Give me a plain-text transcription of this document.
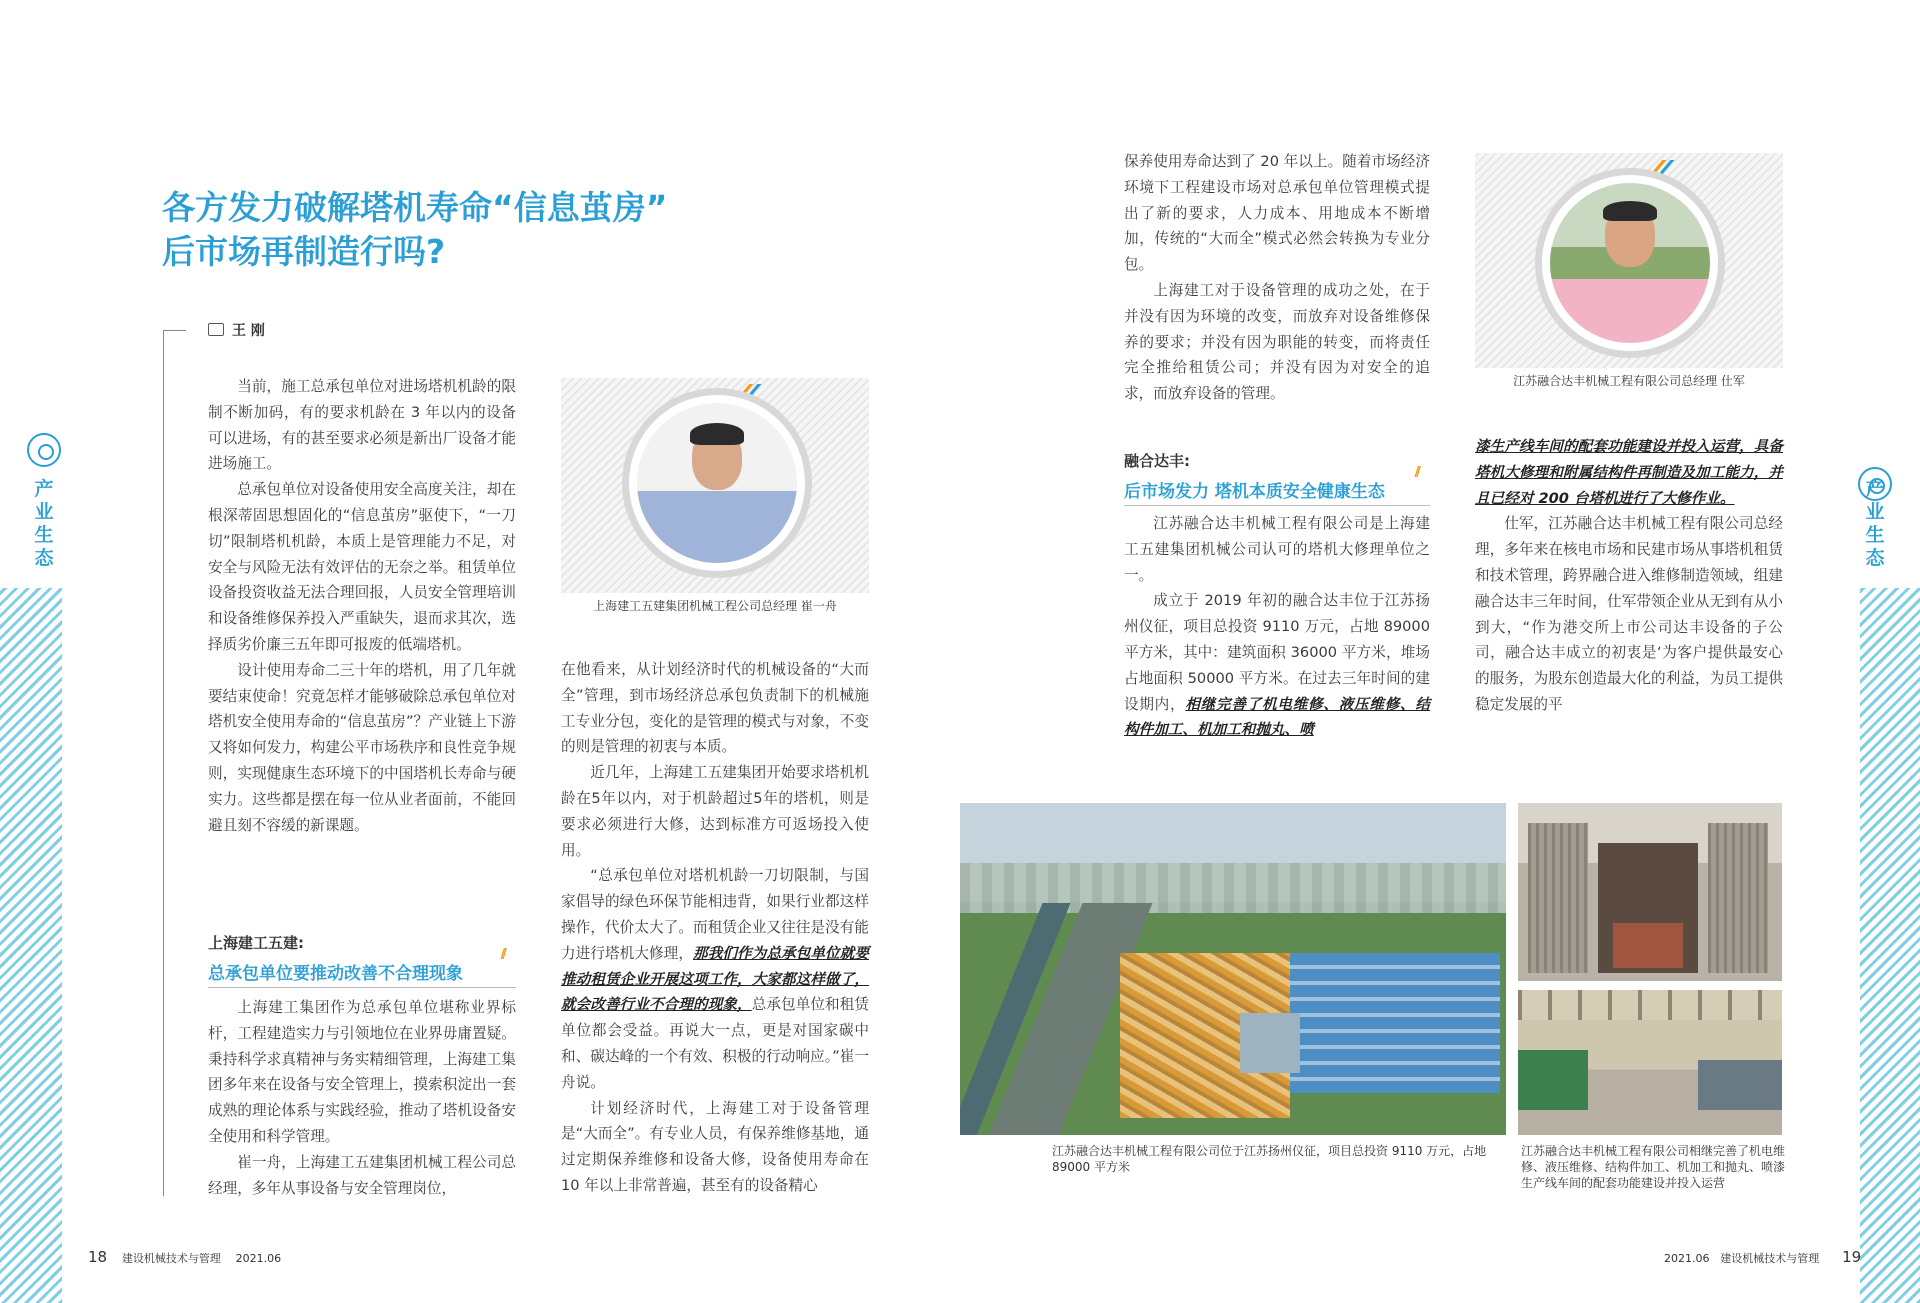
产
业
生
态
产
业
生
态
各方发力破解塔机寿命“信息茧房”
后市场再制造行吗?
王 刚

当前，施工总承包单位对进场塔机机龄的限制不断加码，有的要求机龄在 3 年以内的设备可以进场，有的甚至要求必须是新出厂设备才能进场施工。

总承包单位对设备使用安全高度关注，却在根深蒂固思想固化的“信息茧房”驱使下，“一刀切”限制塔机机龄，本质上是管理能力不足，对安全与风险无法有效评估的无奈之举。租赁单位设备投资收益无法合理回报，人员安全管理培训和设备维修保养投入严重缺失，退而求其次，选择质劣价廉三五年即可报废的低端塔机。

设计使用寿命二三十年的塔机，用了几年就要结束使命！究竟怎样才能够破除总承包单位对塔机安全使用寿命的“信息茧房”？产业链上下游又将如何发力，构建公平市场秩序和良性竞争规则，实现健康生态环境下的中国塔机长寿命与硬实力。这些都是摆在每一位从业者面前，不能回避且刻不容缓的新课题。

上海建工五建:
//
总承包单位要推动改善不合理现象

上海建工集团作为总承包单位堪称业界标杆，工程建造实力与引领地位在业界毋庸置疑。秉持科学求真精神与务实精细管理，上海建工集团多年来在设备与安全管理上，摸索积淀出一套成熟的理论体系与实践经验，推动了塔机设备安全使用和科学管理。

崔一舟，上海建工五建集团机械工程公司总经理，多年从事设备与安全管理岗位，

上海建工五建集团机械工程公司总经理 崔一舟

在他看来，从计划经济时代的机械设备的“大而全”管理，到市场经济总承包负责制下的机械施工专业分包，变化的是管理的模式与对象，不变的则是管理的初衷与本质。

近几年，上海建工五建集团开始要求塔机机龄在5年以内，对于机龄超过5年的塔机，则是要求必须进行大修，达到标准方可返场投入使用。

“总承包单位对塔机机龄一刀切限制，与国家倡导的绿色环保节能相违背，如果行业都这样操作，代价太大了。而租赁企业又往往是没有能力进行塔机大修理，那我们作为总承包单位就要推动租赁企业开展这项工作，大家都这样做了，就会改善行业不合理的现象，总承包单位和租赁单位都会受益。再说大一点，更是对国家碳中和、碳达峰的一个有效、积极的行动响应。”崔一舟说。

计划经济时代，上海建工对于设备管理是“大而全”。有专业人员，有保养维修基地，通过定期保养维修和设备大修，设备使用寿命在 10 年以上非常普遍，甚至有的设备精心

保养使用寿命达到了 20 年以上。随着市场经济环境下工程建设市场对总承包单位管理模式提出了新的要求，人力成本、用地成本不断增加，传统的“大而全”模式必然会转换为专业分包。

上海建工对于设备管理的成功之处，在于并没有因为环境的改变，而放弃对设备维修保养的要求；并没有因为职能的转变，而将责任完全推给租赁公司；并没有因为对安全的追求，而放弃设备的管理。

融合达丰:
//
后市场发力 塔机本质安全健康生态

江苏融合达丰机械工程有限公司是上海建工五建集团机械公司认可的塔机大修理单位之一。

成立于 2019 年初的融合达丰位于江苏扬州仪征，项目总投资 9110 万元，占地 89000 平方米，其中：建筑面积 36000 平方米，堆场占地面积 50000 平方米。在过去三年时间的建设期内，相继完善了机电维修、液压维修、结构件加工、机加工和抛丸、喷

江苏融合达丰机械工程有限公司总经理 仕军

漆生产线车间的配套功能建设并投入运营，具备塔机大修理和附属结构件再制造及加工能力，并且已经对 200 台塔机进行了大修作业。

仕军，江苏融合达丰机械工程有限公司总经理，多年来在核电市场和民建市场从事塔机租赁和技术管理，跨界融合进入维修制造领域，组建融合达丰三年时间，仕军带领企业从无到有从小到大，“作为港交所上市公司达丰设备的子公司，融合达丰成立的初衷是‘为客户提供最安心的服务，为股东创造最大化的利益，为员工提供稳定发展的平

江苏融合达丰机械工程有限公司位于江苏扬州仪征，项目总投资 9110 万元，占地 89000 平方米
江苏融合达丰机械工程有限公司相继完善了机电维修、液压维修、结构件加工、机加工和抛丸、喷漆生产线车间的配套功能建设并投入运营
18 建设机械技术与管理 2021.06	2021.06 建设机械技术与管理 19
